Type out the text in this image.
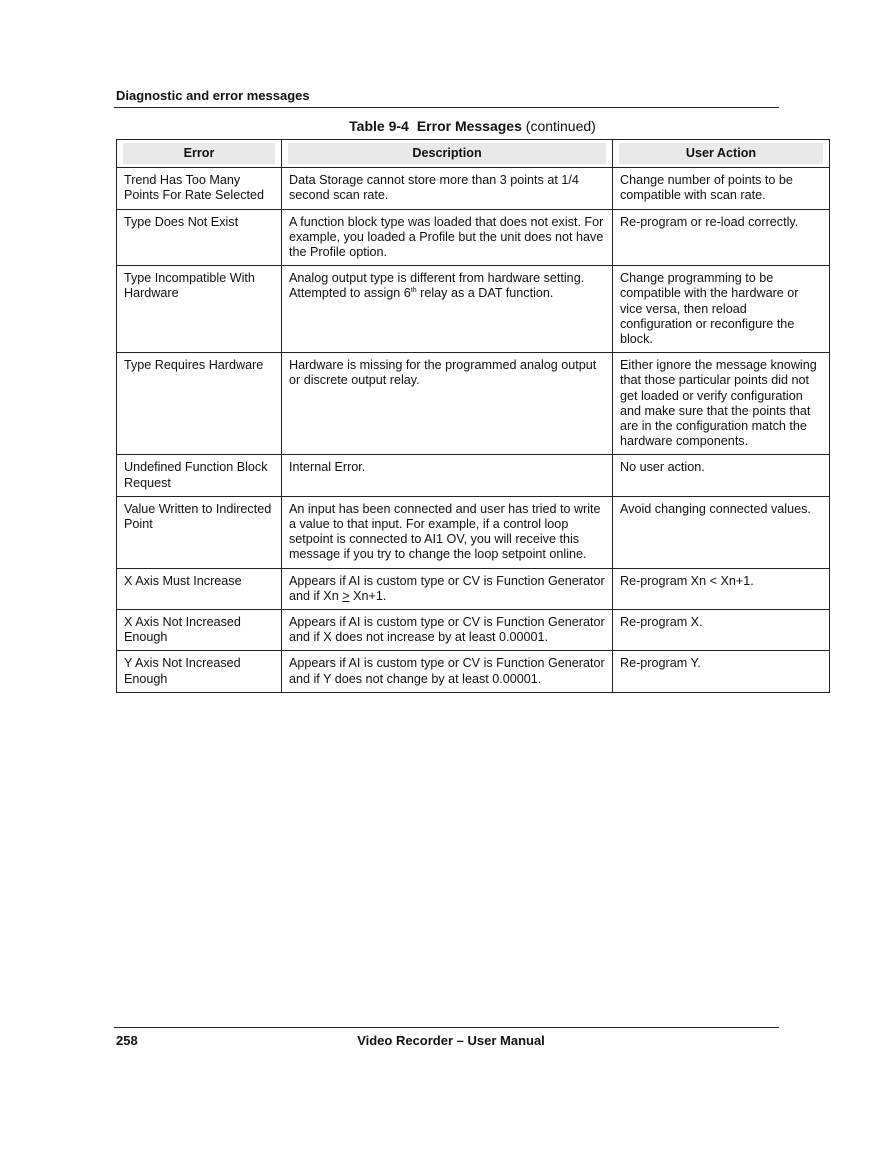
Diagnostic and error messages
Table 9-4 Error Messages (continued)
Error	Description	User Action

Trend Has Too Many Points For Rate Selected	Data Storage cannot store more than 3 points at 1/4 second scan rate.	Change number of points to be compatible with scan rate.
Type Does Not Exist	A function block type was loaded that does not exist. For example, you loaded a Profile but the unit does not have the Profile option.	Re-program or re-load correctly.
Type Incompatible With Hardware	Analog output type is different from hardware setting. Attempted to assign 6th relay as a DAT function.	Change programming to be compatible with the hardware or vice versa, then reload configuration or reconfigure the block.
Type Requires Hardware	Hardware is missing for the programmed analog output or discrete output relay.	Either ignore the message knowing that those particular points did not get loaded or verify configuration and make sure that the points that are in the configuration match the hardware components.
Undefined Function Block Request	Internal Error.	No user action.
Value Written to Indirected Point	An input has been connected and user has tried to write a value to that input. For example, if a control loop setpoint is connected to AI1 OV, you will receive this message if you try to change the loop setpoint online.	Avoid changing connected values.
X Axis Must Increase	Appears if AI is custom type or CV is Function Generator and if Xn > Xn+1.	Re-program Xn < Xn+1.
X Axis Not Increased Enough	Appears if AI is custom type or CV is Function Generator and if X does not increase by at least 0.00001.	Re-program X.
Y Axis Not Increased Enough	Appears if AI is custom type or CV is Function Generator and if Y does not change by at least 0.00001.	Re-program Y.
258	Video Recorder – User Manual
